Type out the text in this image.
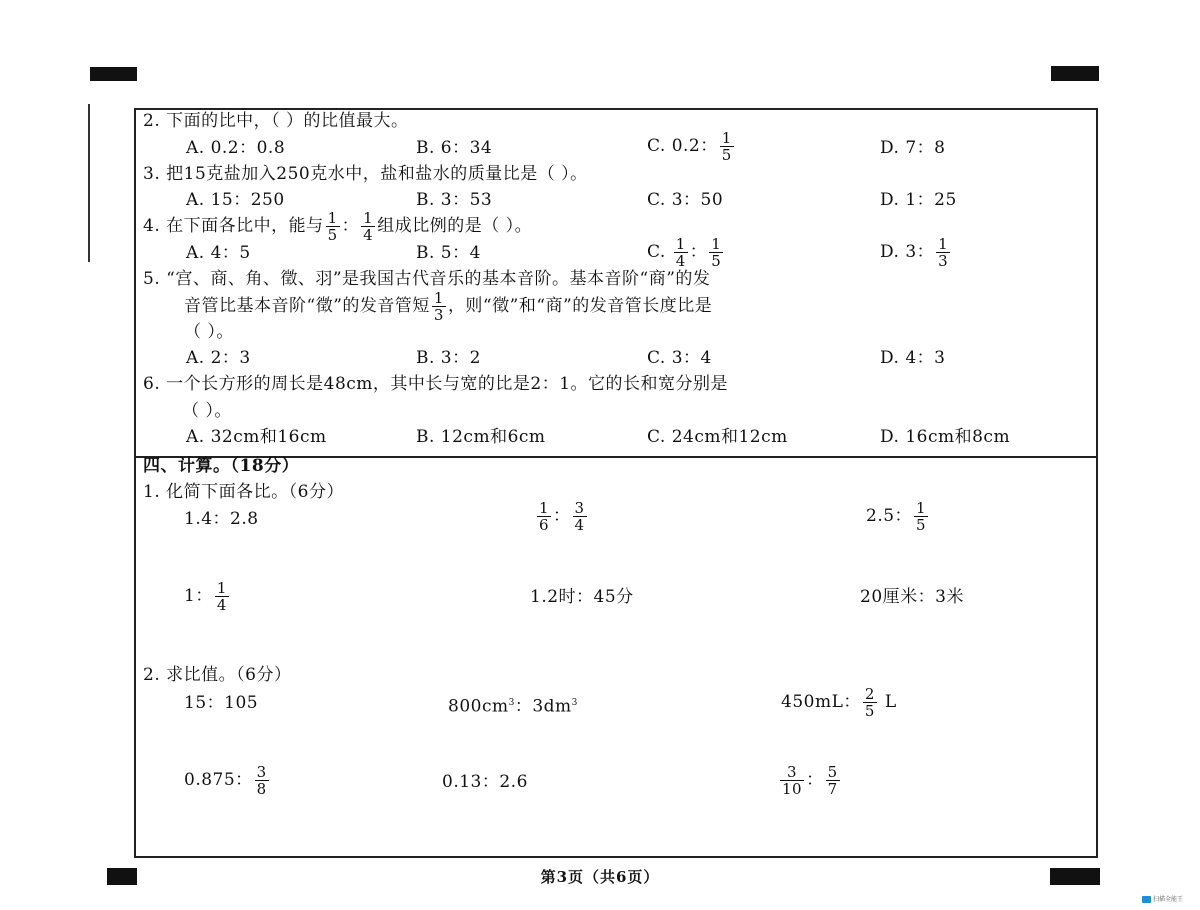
2. 下面的比中，（ ）的比值最大。
A. 0.2：0.8	B. 6：34	C. 0.2： $\frac{1}{5}$	D. 7：8
3. 把15克盐加入250克水中，盐和盐水的质量比是（ ）。
A. 15：250	B. 3：53	C. 3：50	D. 1：25
4. 在下面各比中，能与 $\frac{1}{5}$ ： $\frac{1}{4}$ 组成比例的是（ ）。
A. 4：5	B. 5：4	C. $\frac{1}{4}$ ： $\frac{1}{5}$	D. 3： $\frac{1}{3}$
5. “宫、商、角、徵、羽”是我国古代音乐的基本音阶。基本音阶“商”的发
音管比基本音阶“徵”的发音管短 $\frac{1}{3}$ ，则“徵”和“商”的发音管长度比是
（ ）。
A. 2：3	B. 3：2	C. 3：4	D. 4：3
6. 一个长方形的周长是48cm，其中长与宽的比是2：1。它的长和宽分别是
（ ）。
A. 32cm和16cm	B. 12cm和6cm	C. 24cm和12cm	D. 16cm和8cm
四、计算。（18分）
1. 化简下面各比。（6分）
1.4：2.8	$\frac{1}{6}$ ： $\frac{3}{4}$	2.5： $\frac{1}{5}$
1： $\frac{1}{4}$	1.2时：45分	20厘米：3米
2. 求比值。（6分）
15：105	$800cm^3$：$3dm^3$	450mL： $\frac{2}{5}$ L
0.875： $\frac{3}{8}$	0.13：2.6	$\frac{3}{10}$ ： $\frac{5}{7}$
第3页（共6页）
扫描全能王
